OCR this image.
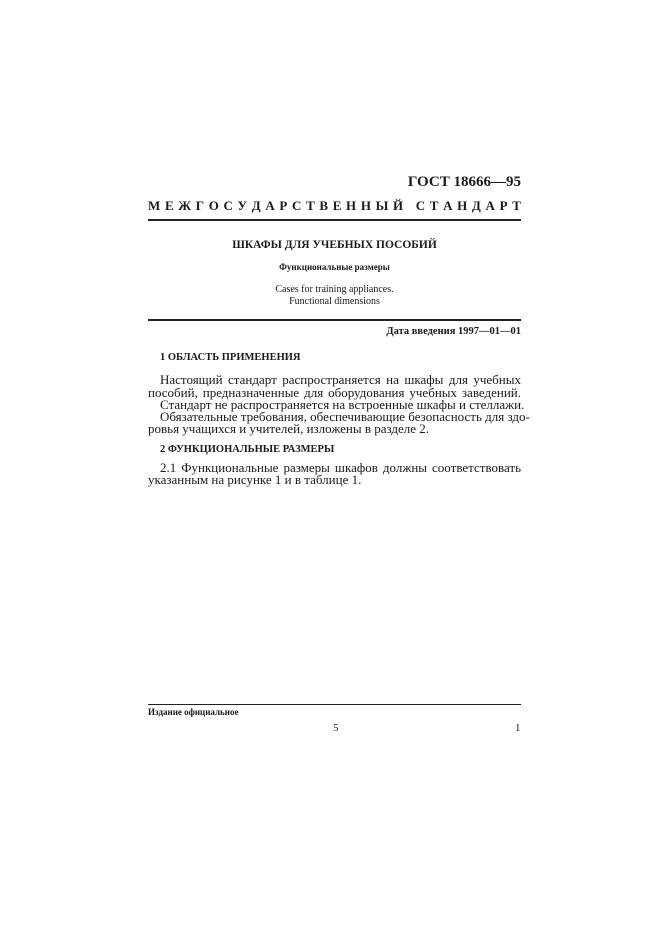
ГОСТ 18666—95
М Е Ж Г О С У Д А Р С Т В Е Н Н Ы Й
С Т А Н Д А Р Т
ШКАФЫ ДЛЯ УЧЕБНЫХ ПОСОБИЙ
Функциональные размеры
Cases for training appliances.
Functional dimensions
Дата введения 1997—01—01
1 ОБЛАСТЬ ПРИМЕНЕНИЯ
Настоящий стандарт распространяется на шкафы для учебных
пособий, предназначенные для оборудования учебных заведений.
Стандарт не распространяется на встроенные шкафы и стеллажи.
Обязательные требования, обеспечивающие безопасность для здо-
ровья учащихся и учителей, изложены в разделе 2.
2 ФУНКЦИОНАЛЬНЫЕ РАЗМЕРЫ
2.1 Функциональные размеры шкафов должны соответствовать
указанным на рисунке 1 и в таблице 1.
Издание официальное
5	1
